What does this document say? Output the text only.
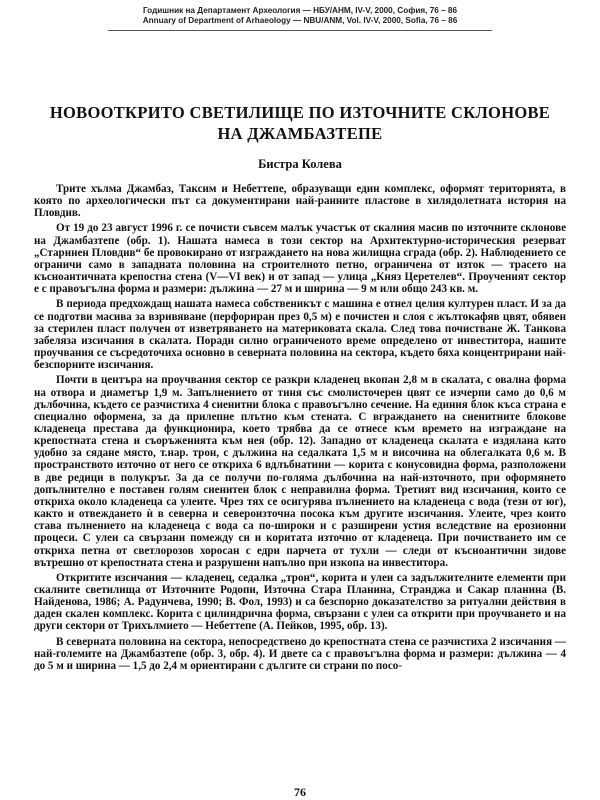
Годишник на Департамент Археология — НБУ/АНМ, IV-V, 2000, София, 76 – 86
Annuary of Department of Arhaeology — NBU/ANM, Vol. IV-V, 2000, Sofia, 76 – 86
НОВООТКРИТО СВЕТИЛИЩЕ ПО ИЗТОЧНИТЕ СКЛОНОВЕ
НА ДЖАМБАЗТЕПЕ
Бистра Колева

Трите хълма Джамбаз, Таксим и Небеттепе, образуващи един комплекс, оформят територията, в която по археологически път са документирани най-ранните пластове в хилядолетната история на Пловдив.

От 19 до 23 август 1996 г. се почисти съвсем малък участък от скалния масив по източните склонове на Джамбазтепе (обр. 1). Нашата намеса в този сектор на Архитектурно-историческия резерват „Старинен Пловдив“ бе провокирано от изграждането на нова жилищна сграда (обр. 2). Наблюдението се ограничи само в западната половина на строителното петно, ограничена от изток — трасето на късноантичната крепостна стена (V—VI век) и от запад — улица „Княз Церетелев“. Проученият сектор е с правоъгълна форма и размери: дължина — 27 м и ширина — 9 м или общо 243 кв. м.

В периода предхождащ нашата намеса собственикът с машина е отнел целия културен пласт. И за да се подготви масива за взривяване (перфориран през 0,5 м) е почистен и слоя с жълтокафяв цвят, обявен за стерилен пласт получен от изветряването на материковата скала. След това почистване Ж. Танкова забеляза изсичания в скалата. Поради силно ограниченото време определено от инвеститора, нашите проучвания се съсредоточиха основно в северната половина на сектора, където бяха концентрирани най-безспорните изсичания.

Почти в центъра на проучвания сектор се разкри кладенец вкопан 2,8 м в скалата, с овална форма на отвора и диаметър 1,9 м. Запълнението от тиня със смолисточерен цвят се изчерпи само до 0,6 м дълбочина, където се разчистиха 4 сиенитни блока с правоъгълно сечение. На единия блок къса страна е специално оформена, за да прилепне плътно към стената. С вграждането на сиенитните блокове кладенеца престава да функционира, което трябва да се отнесе към времето на изграждане на крепостната стена и съоръженията към нея (обр. 12). Западно от кладенеца скалата е издялана като удобно за сядане място, т.нар. трон, с дължина на седалката 1,5 м и височина на облегалката 0,6 м. В пространството източно от него се откриха 6 вдлъбнатини — корита с конусовидна форма, разположени в две редици в полукръг. За да се получи по-голяма дълбочина на най-източното, при оформянето допълнително е поставен голям сиенитен блок с неправилна форма. Третият вид изсичания, които се откриха около кладенеца са улеите. Чрез тях се осигурява пълнението на кладенеца с вода (тези от юг), както и отвеждането ѝ в северна и североизточна посока към другите изсичания. Улеите, чрез които става пълнението на кладенеца с вода са по-широки и с разширени устия вследствие на ерозионни процеси. С улеи са свързани помежду си и коритата източно от кладенеца. При почистването им се откриха петна от светлорозов хоросан с едри парчета от тухли — следи от късноантични зидове вътрешно от крепостната стена и разрушени напълно при изкопа на инвеститора.

Откритите изсичания — кладенец, седалка „трон“, корита и улеи са задължителните елементи при скалните светилища от Източните Родопи, Източна Стара Планина, Странджа и Сакар планина (В. Найденова, 1986; А. Радунчева, 1990; В. Фол, 1993) и са безспорно доказателство за ритуални действия в даден скален комплекс. Корита с цилиндрична форма, свързани с улеи са открити при проучването и на други сектори от Трихълмието — Небеттепе (А. Пейков, 1995, обр. 13).

В северната половина на сектора, непосредствено до крепостната стена се разчистиха 2 изсичания — най-големите на Джамбазтепе (обр. 3, обр. 4). И двете са с правоъгълна форма и размери: дължина — 4 до 5 м и ширина — 1,5 до 2,4 м ориентирани с дългите си страни по посо-

76
